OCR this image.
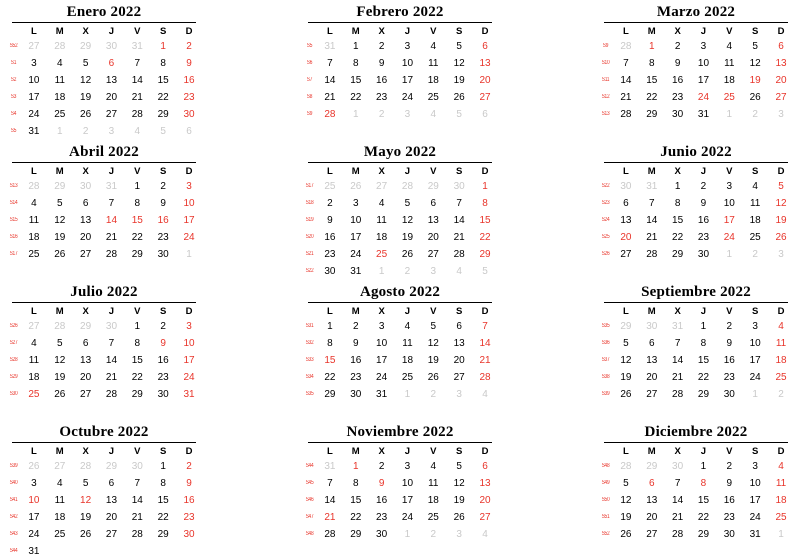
Enero 2022
	L	M	X	J	V	S	D
S52	27	28	29	30	31	1	2
S1	3	4	5	6	7	8	9
S2	10	11	12	13	14	15	16
S3	17	18	19	20	21	22	23
S4	24	25	26	27	28	29	30
S5	31	1	2	3	4	5	6
Febrero 2022
	L	M	X	J	V	S	D
S5	31	1	2	3	4	5	6
S6	7	8	9	10	11	12	13
S7	14	15	16	17	18	19	20
S8	21	22	23	24	25	26	27
S9	28	1	2	3	4	5	6

Marzo 2022
	L	M	X	J	V	S	D
S9	28	1	2	3	4	5	6
S10	7	8	9	10	11	12	13
S11	14	15	16	17	18	19	20
S12	21	22	23	24	25	26	27
S13	28	29	30	31	1	2	3

Abril 2022
	L	M	X	J	V	S	D
S13	28	29	30	31	1	2	3
S14	4	5	6	7	8	9	10
S15	11	12	13	14	15	16	17
S16	18	19	20	21	22	23	24
S17	25	26	27	28	29	30	1

Mayo 2022
	L	M	X	J	V	S	D
S17	25	26	27	28	29	30	1
S18	2	3	4	5	6	7	8
S19	9	10	11	12	13	14	15
S20	16	17	18	19	20	21	22
S21	23	24	25	26	27	28	29
S22	30	31	1	2	3	4	5
Junio 2022
	L	M	X	J	V	S	D
S22	30	31	1	2	3	4	5
S23	6	7	8	9	10	11	12
S24	13	14	15	16	17	18	19
S25	20	21	22	23	24	25	26
S26	27	28	29	30	1	2	3

Julio 2022
	L	M	X	J	V	S	D
S26	27	28	29	30	1	2	3
S27	4	5	6	7	8	9	10
S28	11	12	13	14	15	16	17
S29	18	19	20	21	22	23	24
S30	25	26	27	28	29	30	31

Agosto 2022
	L	M	X	J	V	S	D
S31	1	2	3	4	5	6	7
S32	8	9	10	11	12	13	14
S33	15	16	17	18	19	20	21
S34	22	23	24	25	26	27	28
S35	29	30	31	1	2	3	4

Septiembre 2022
	L	M	X	J	V	S	D
S35	29	30	31	1	2	3	4
S36	5	6	7	8	9	10	11
S37	12	13	14	15	16	17	18
S38	19	20	21	22	23	24	25
S39	26	27	28	29	30	1	2

Octubre 2022
	L	M	X	J	V	S	D
S39	26	27	28	29	30	1	2
S40	3	4	5	6	7	8	9
S41	10	11	12	13	14	15	16
S42	17	18	19	20	21	22	23
S43	24	25	26	27	28	29	30
S44	31						
Noviembre 2022
	L	M	X	J	V	S	D
S44	31	1	2	3	4	5	6
S45	7	8	9	10	11	12	13
S46	14	15	16	17	18	19	20
S47	21	22	23	24	25	26	27
S48	28	29	30	1	2	3	4

Diciembre 2022
	L	M	X	J	V	S	D
S48	28	29	30	1	2	3	4
S49	5	6	7	8	9	10	11
S50	12	13	14	15	16	17	18
S51	19	20	21	22	23	24	25
S52	26	27	28	29	30	31	1
